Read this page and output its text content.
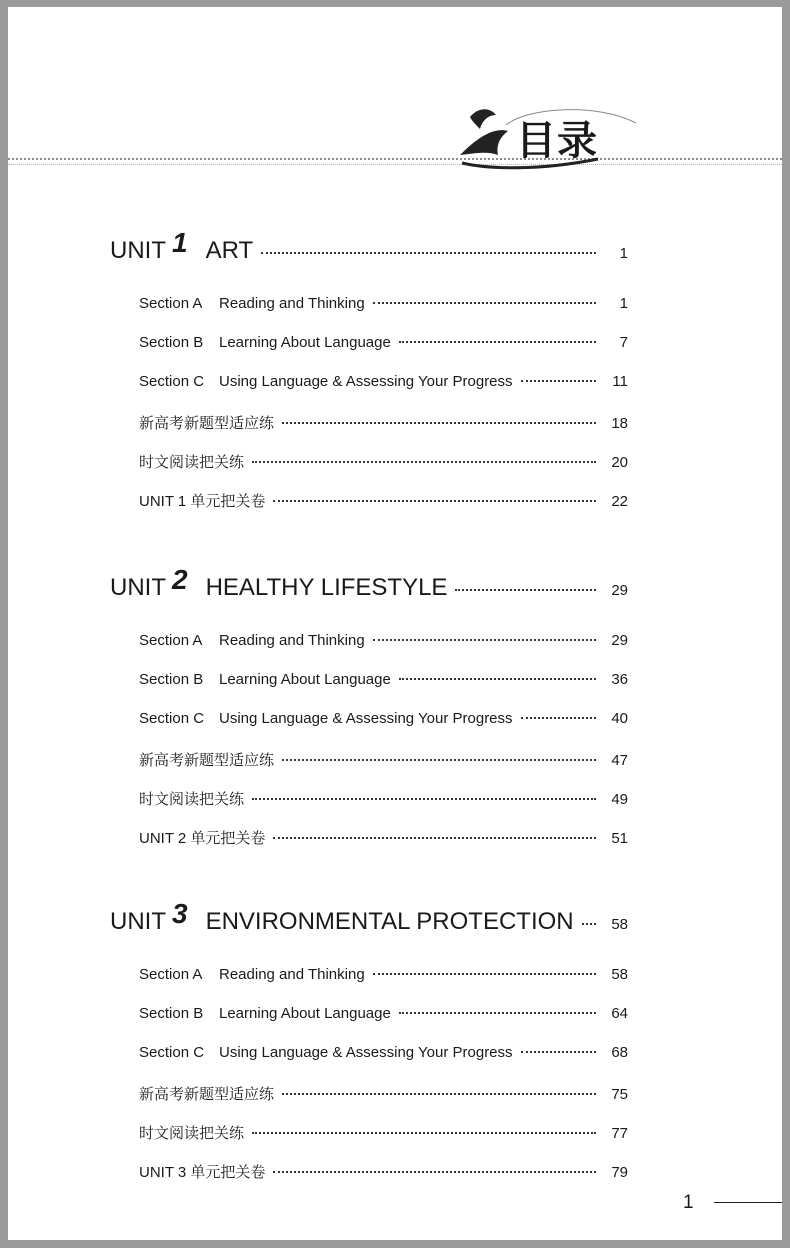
目录
UNIT 1 ART	1
Section A Reading and Thinking	1
Section B Learning About Language	7
Section C Using Language & Assessing Your Progress	11
新高考新题型适应练	18
时文阅读把关练	20
UNIT 1 单元把关卷	22
UNIT 2 HEALTHY LIFESTYLE	29
Section A Reading and Thinking	29
Section B Learning About Language	36
Section C Using Language & Assessing Your Progress	40
新高考新题型适应练	47
时文阅读把关练	49
UNIT 2 单元把关卷	51
UNIT 3 ENVIRONMENTAL PROTECTION	58
Section A Reading and Thinking	58
Section B Learning About Language	64
Section C Using Language & Assessing Your Progress	68
新高考新题型适应练	75
时文阅读把关练	77
UNIT 3 单元把关卷	79
1
